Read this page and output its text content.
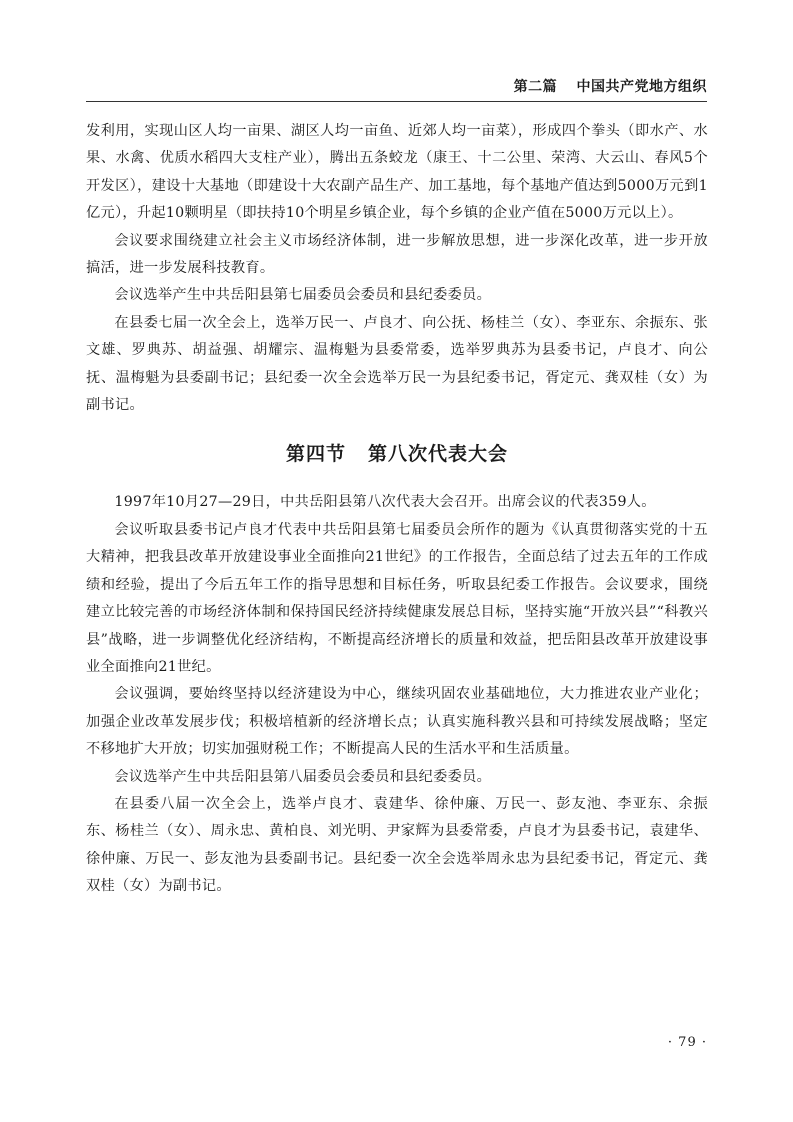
第二篇 中国共产党地方组织

发利用，实现山区人均一亩果、湖区人均一亩鱼、近郊人均一亩菜），形成四个拳头（即水产、水果、水禽、优质水稻四大支柱产业），腾出五条蛟龙（康王、十二公里、荣湾、大云山、春风5个开发区），建设十大基地（即建设十大农副产品生产、加工基地，每个基地产值达到5000万元到1亿元），升起10颗明星（即扶持10个明星乡镇企业，每个乡镇的企业产值在5000万元以上）。

会议要求围绕建立社会主义市场经济体制，进一步解放思想，进一步深化改革，进一步开放搞活，进一步发展科技教育。

会议选举产生中共岳阳县第七届委员会委员和县纪委委员。

在县委七届一次全会上，选举万民一、卢良才、向公抚、杨桂兰（女）、李亚东、余振东、张文雄、罗典苏、胡益强、胡耀宗、温梅魁为县委常委，选举罗典苏为县委书记，卢良才、向公抚、温梅魁为县委副书记；县纪委一次全会选举万民一为县纪委书记，胥定元、龚双桂（女）为副书记。

第四节 第八次代表大会

1997年10月27—29日，中共岳阳县第八次代表大会召开。出席会议的代表359人。

会议听取县委书记卢良才代表中共岳阳县第七届委员会所作的题为《认真贯彻落实党的十五大精神，把我县改革开放建设事业全面推向21世纪》的工作报告，全面总结了过去五年的工作成绩和经验，提出了今后五年工作的指导思想和目标任务，听取县纪委工作报告。会议要求，围绕建立比较完善的市场经济体制和保持国民经济持续健康发展总目标，坚持实施“开放兴县”“科教兴县”战略，进一步调整优化经济结构，不断提高经济增长的质量和效益，把岳阳县改革开放建设事业全面推向21世纪。

会议强调，要始终坚持以经济建设为中心，继续巩固农业基础地位，大力推进农业产业化；加强企业改革发展步伐；积极培植新的经济增长点；认真实施科教兴县和可持续发展战略；坚定不移地扩大开放；切实加强财税工作；不断提高人民的生活水平和生活质量。

会议选举产生中共岳阳县第八届委员会委员和县纪委委员。

在县委八届一次全会上，选举卢良才、袁建华、徐仲廉、万民一、彭友池、李亚东、余振东、杨桂兰（女）、周永忠、黄柏良、刘光明、尹家辉为县委常委，卢良才为县委书记，袁建华、徐仲廉、万民一、彭友池为县委副书记。县纪委一次全会选举周永忠为县纪委书记，胥定元、龚双桂（女）为副书记。

· 79 ·
